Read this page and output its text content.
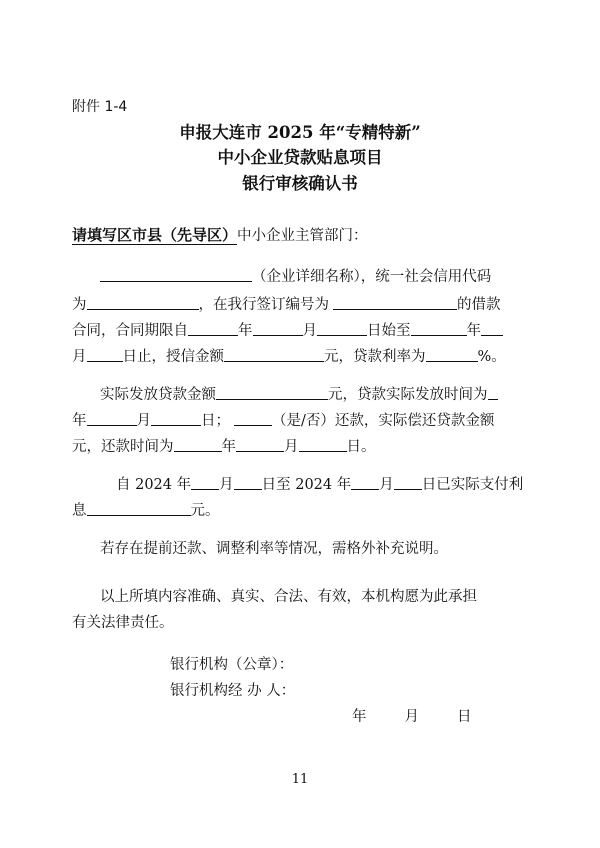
附件 1-4
申报大连市 2025 年“专精特新”
中小企业贷款贴息项目
银行审核确认书
请填写区市县（先导区）中小企业主管部门：
（企业详细名称），统一社会信用代码
为	，在我行签订编号为	的借款
合同，合同期限自	年	月	日始至	年
月 日止，授信金额	元，贷款利率为	%。
实际发放贷款金额	元，贷款实际发放时间为
年	月	日；	（是/否）还款，实际偿还贷款金额
元，还款时间为	年	月	日。
自 2024 年 月 日至 2024 年 月 日已实际支付利
息	元。
若存在提前还款、调整利率等情况，需格外补充说明。
以上所填内容准确、真实、合法、有效，本机构愿为此承担
有关法律责任。
银行机构（公章）：
银行机构经 办 人：
年	月	日
11
